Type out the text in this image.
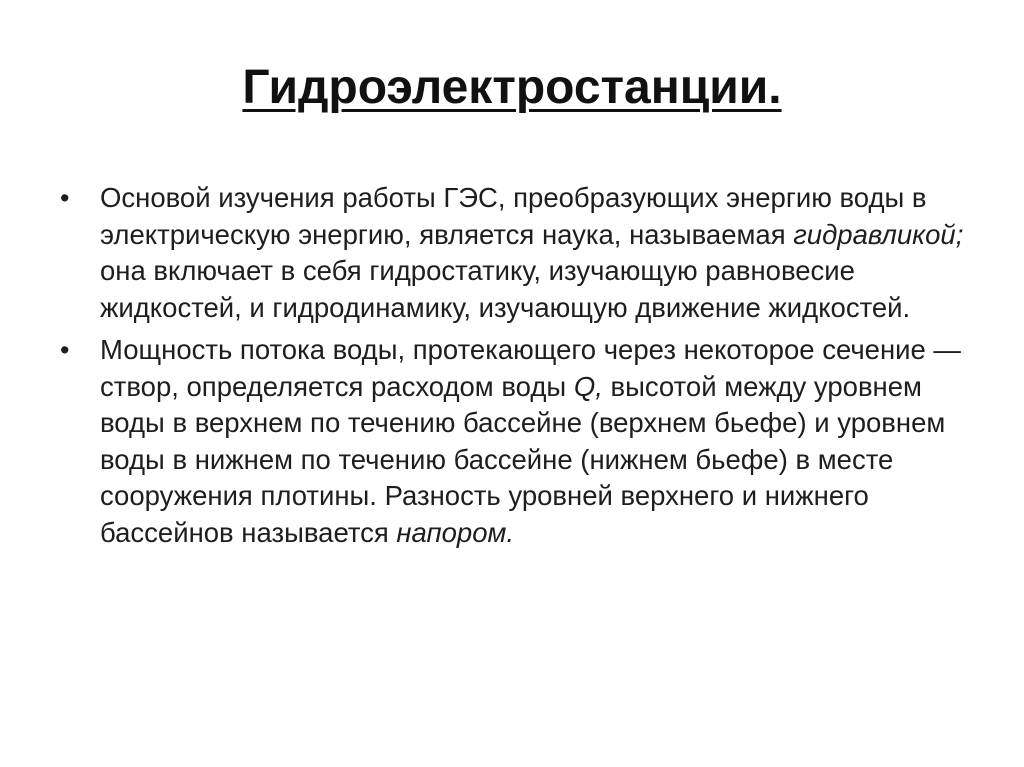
Гидроэлектростанции.
• Основой изучения работы ГЭС, преобразующих энергию воды в электрическую энергию, является наука, называемая гидравликой; она включает в себя гидростатику, изучающую равновесие жидкостей, и гидродинамику, изучающую движение жидкостей.
• Мощность потока воды, протекающего через некоторое сечение — створ, определяется расходом воды Q, высотой между уровнем воды в верхнем по течению бассейне (верхнем бьефе) и уровнем воды в нижнем по течению бассейне (нижнем бьефе) в месте сооружения плотины. Разность уровней верхнего и нижнего бассейнов называется напором.
